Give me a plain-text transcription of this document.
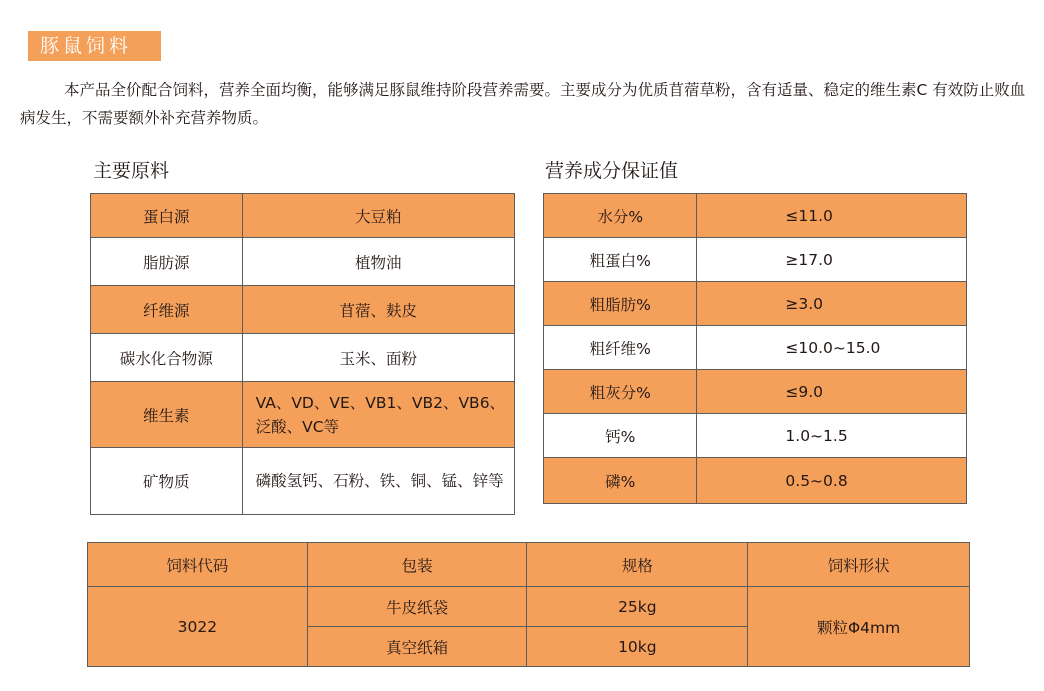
豚鼠饲料

本产品全价配合饲料，营养全面均衡，能够满足豚鼠维持阶段营养需要。主要成分为优质苜蓿草粉，含有适量、稳定的维生素C 有效防止败血病发生，不需要额外补充营养物质。

主要原料	营养成分保证值
蛋白源	大豆粕
脂肪源	植物油
纤维源	苜蓿、麸皮
碳水化合物源	玉米、面粉
维生素	VA、VD、VE、VB1、VB2、VB6、泛酸、VC等
矿物质	磷酸氢钙、石粉、铁、铜、锰、锌等
水分%	≤11.0
粗蛋白%	≥17.0
粗脂肪%	≥3.0
粗纤维%	≤10.0~15.0
粗灰分%	≤9.0
钙%	1.0~1.5
磷%	0.5~0.8
饲料代码	包装	规格	饲料形状
3022	牛皮纸袋	25kg	颗粒Φ4mm
	真空纸箱	10kg	
